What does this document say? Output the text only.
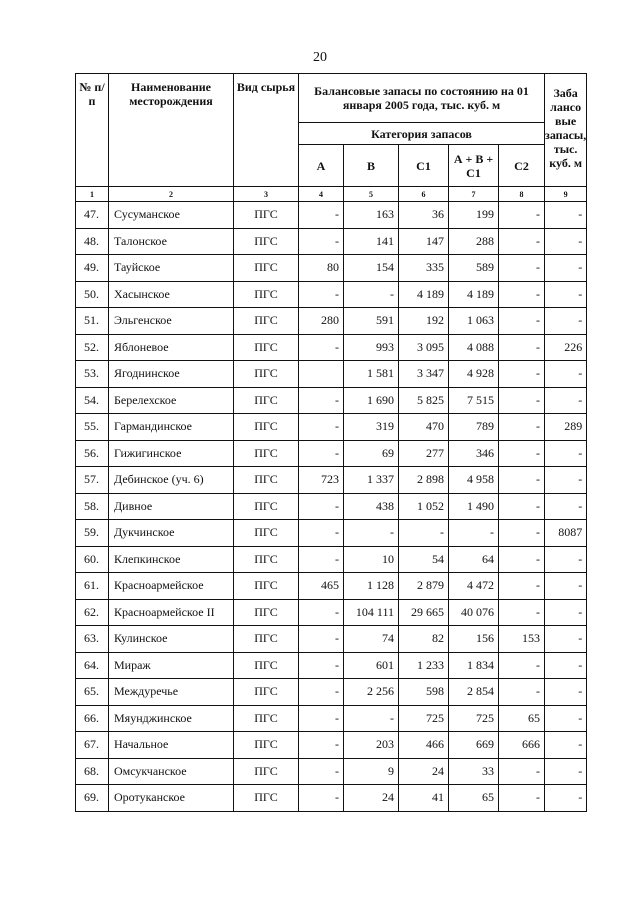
20
№ п/п	Наименование месторождения	Вид сырья	Балансовые запасы по состоянию на 01 января 2005 года, тыс. куб. м					Заба лансо вые запасы, тыс. куб. м
			Категория запасов					
			А	В	С1	А + В + С1	С2	
1	2	3	4	5	6	7	8	9
47.	Сусуманское	ПГС	-	163	36	199	-	-
48.	Талонское	ПГС	-	141	147	288	-	-
49.	Тауйское	ПГС	80	154	335	589	-	-
50.	Хасынское	ПГС	-	-	4 189	4 189	-	-
51.	Эльгенское	ПГС	280	591	192	1 063	-	-
52.	Яблоневое	ПГС	-	993	3 095	4 088	-	226
53.	Ягоднинское	ПГС		1 581	3 347	4 928	-	-
54.	Берелехское	ПГС	-	1 690	5 825	7 515	-	-
55.	Гармандинское	ПГС	-	319	470	789	-	289
56.	Гижигинское	ПГС	-	69	277	346	-	-
57.	Дебинское (уч. 6)	ПГС	723	1 337	2 898	4 958	-	-
58.	Дивное	ПГС	-	438	1 052	1 490	-	-
59.	Дукчинское	ПГС	-	-	-	-	-	8087
60.	Клепкинское	ПГС	-	10	54	64	-	-
61.	Красноармейское	ПГС	465	1 128	2 879	4 472	-	-
62.	Красноармейское II	ПГС	-	104 111	29 665	40 076	-	-
63.	Кулинское	ПГС	-	74	82	156	153	-
64.	Мираж	ПГС	-	601	1 233	1 834	-	-
65.	Междуречье	ПГС	-	2 256	598	2 854	-	-
66.	Мяунджинское	ПГС	-	-	725	725	65	-
67.	Начальное	ПГС	-	203	466	669	666	-
68.	Омсукчанское	ПГС	-	9	24	33	-	-
69.	Оротуканское	ПГС	-	24	41	65	-	-
